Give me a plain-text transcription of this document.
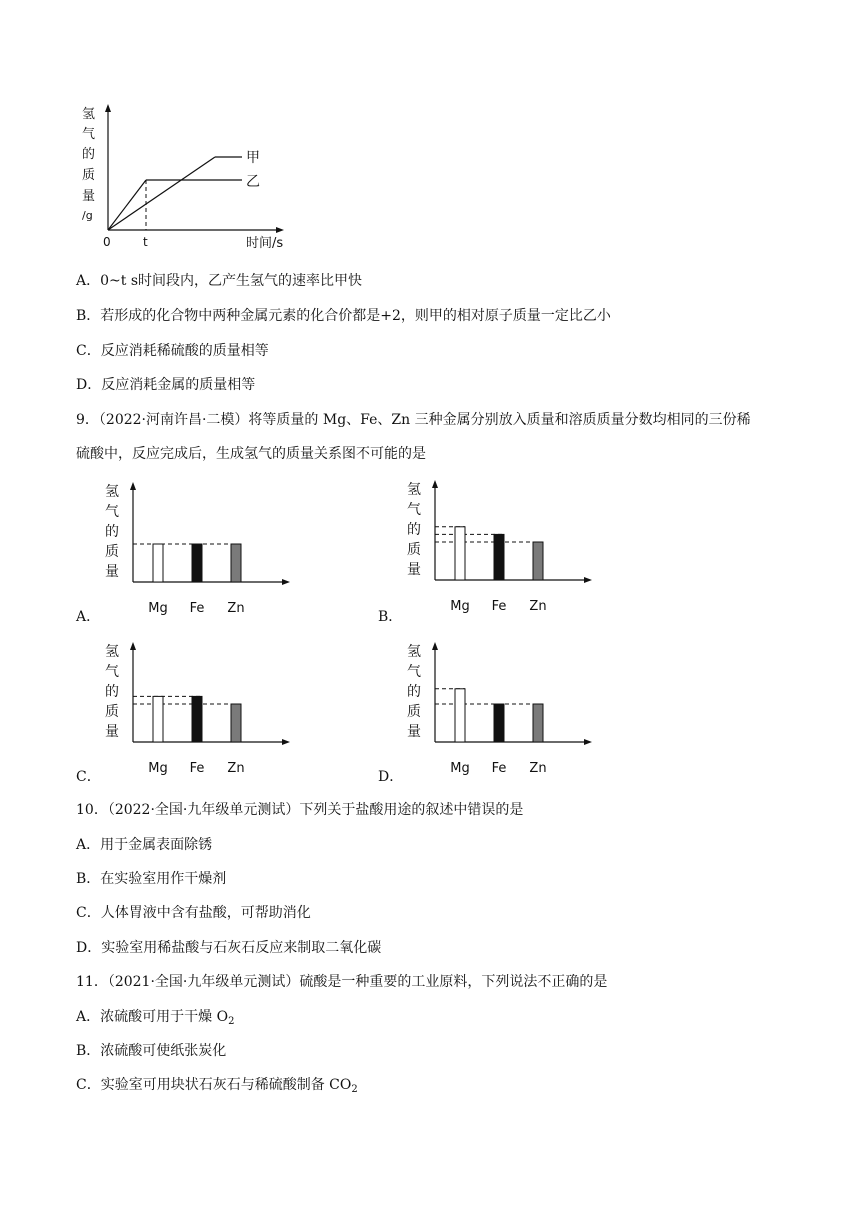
氢
气
的
质
量
/g
甲
乙
0	t	时间/s
A．0~t s时间段内，乙产生氢气的速率比甲快
B．若形成的化合物中两种金属元素的化合价都是+2，则甲的相对原子质量一定比乙小
C．反应消耗稀硫酸的质量相等
D．反应消耗金属的质量相等
9．（2022·河南许昌·二模）将等质量的 Mg、Fe、Zn 三种金属分别放入质量和溶质质量分数均相同的三份稀
硫酸中，反应完成后，生成氢气的质量关系图不可能的是
氢
气
的
质
量
Mg Fe Zn
A．
氢
气
的
质
量
Mg Fe Zn
B．
氢
气
的
质
量
Mg Fe Zn
C．
氢
气
的
质
量
Mg Fe Zn
D．
10．（2022·全国·九年级单元测试）下列关于盐酸用途的叙述中错误的是
A．用于金属表面除锈
B．在实验室用作干燥剂
C．人体胃液中含有盐酸，可帮助消化
D．实验室用稀盐酸与石灰石反应来制取二氧化碳
11．（2021·全国·九年级单元测试）硫酸是一种重要的工业原料，下列说法不正确的是
A．浓硫酸可用于干燥 $O_2$
B．浓硫酸可使纸张炭化
C．实验室可用块状石灰石与稀硫酸制备 $CO_2$
